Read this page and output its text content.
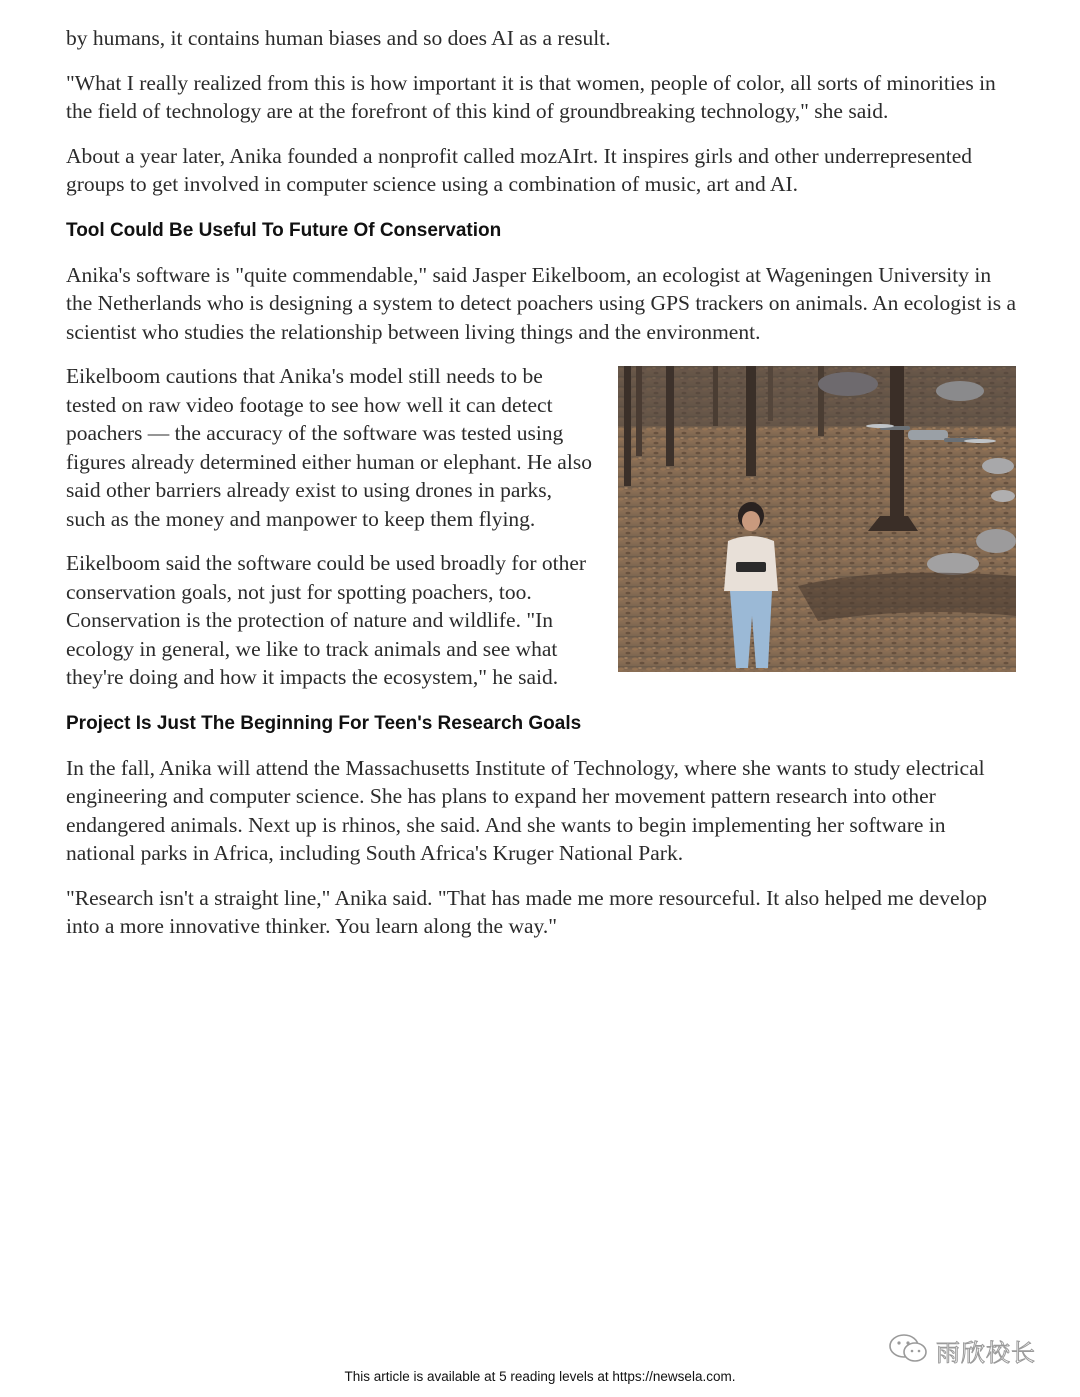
by humans, it contains human biases and so does AI as a result.

"What I really realized from this is how important it is that women, people of color, all sorts of minorities in the field of technology are at the forefront of this kind of groundbreaking technology," she said.

About a year later, Anika founded a nonprofit called mozAIrt. It inspires girls and other underrepresented groups to get involved in computer science using a combination of music, art and AI.

Tool Could Be Useful To Future Of Conservation

Anika's software is "quite commendable," said Jasper Eikelboom, an ecologist at Wageningen University in the Netherlands who is designing a system to detect poachers using GPS trackers on animals. An ecologist is a scientist who studies the relationship between living things and the environment.

Eikelboom cautions that Anika's model still needs to be tested on raw video footage to see how well it can detect poachers — the accuracy of the software was tested using figures already determined either human or elephant. He also said other barriers already exist to using drones in parks, such as the money and manpower to keep them flying.

Eikelboom said the software could be used broadly for other conservation goals, not just for spotting poachers, too. Conservation is the protection of nature and wildlife. "In ecology in general, we like to track animals and see what they're doing and how it impacts the ecosystem," he said.

Project Is Just The Beginning For Teen's Research Goals

In the fall, Anika will attend the Massachusetts Institute of Technology, where she wants to study electrical engineering and computer science. She has plans to expand her movement pattern research into other endangered animals. Next up is rhinos, she said. And she wants to begin implementing her software in national parks in Africa, including South Africa's Kruger National Park.

"Research isn't a straight line," Anika said. "That has made me more resourceful. It also helped me develop into a more innovative thinker. You learn along the way."

雨欣校长
This article is available at 5 reading levels at https://newsela.com.
